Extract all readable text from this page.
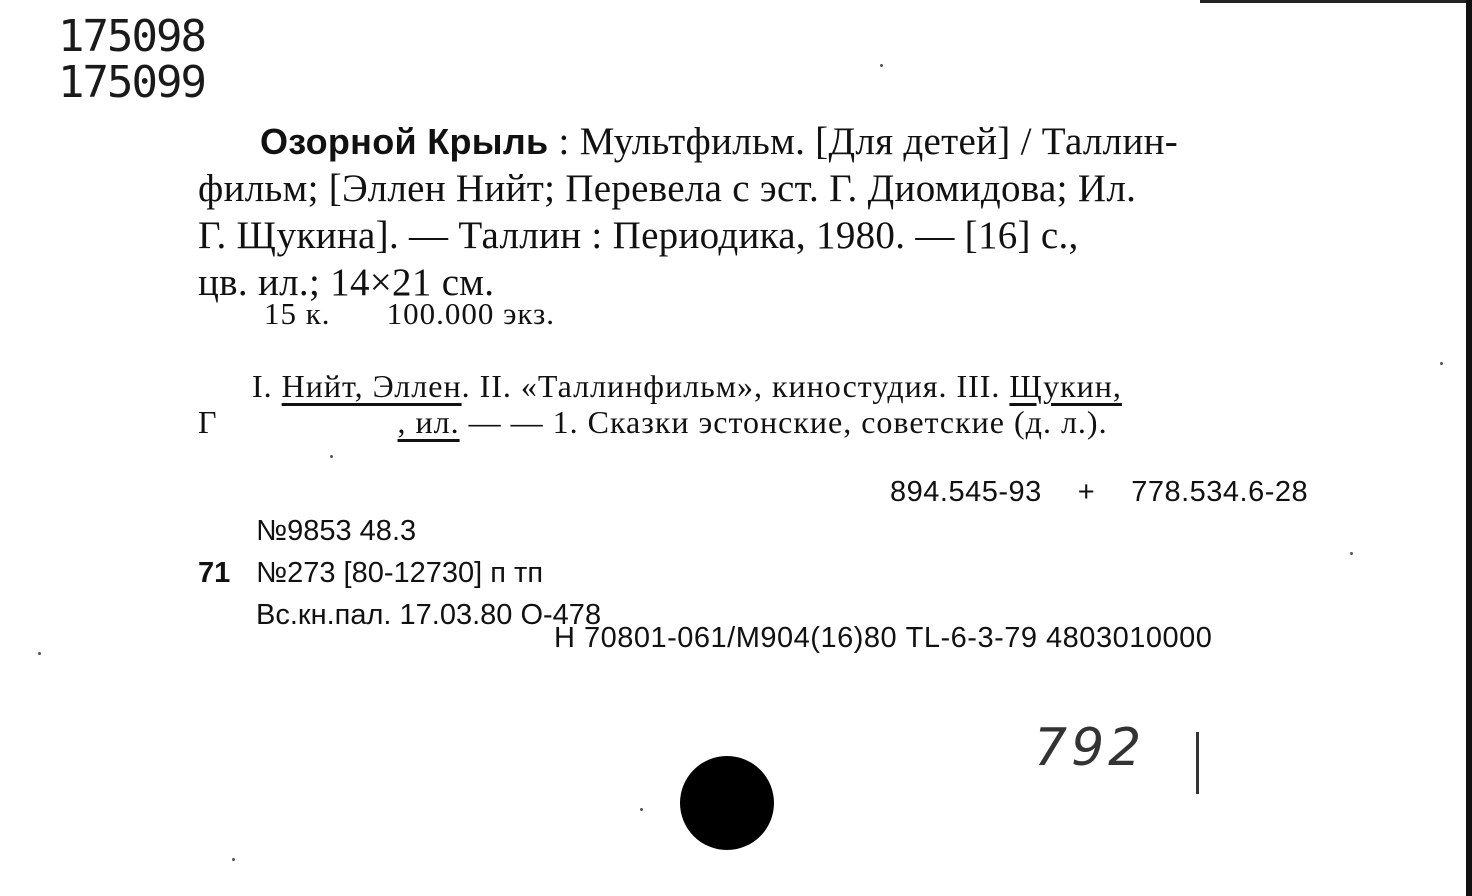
175098
175099
Озорной Крыль : Мультфильм. [Для детей] / Таллин-
фильм; [Эллен Нийт; Перевела с эст. Г. Диомидова; Ил.
Г. Щукина]. — Таллин : Периодика, 1980. — [16] с.,
цв. ил.; 14×21 см.
15 к. 100.000 экз.
I. Нийт, Эллен. II. «Таллинфильм», киностудия. III. Щукин,
Г	, ил. — — 1. Сказки эстонские, советские (д. л.).
894.545-93 + 778.534.6-28
№9853 48.3
71 №273 [80-12730] п тп
Вс.кн.пал. 17.03.80 О-478
Н 70801-061/М904(16)80 TL-6-3-79 4803010000
792
